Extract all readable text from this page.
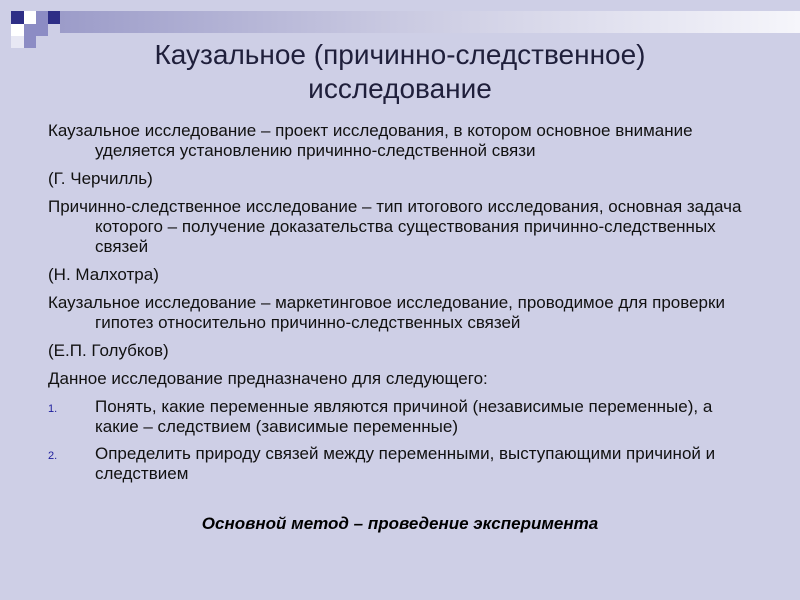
Каузальное (причинно-следственное)
исследование

Каузальное исследование – проект исследования, в котором основное внимание уделяется установлению причинно-следственной связи

(Г. Черчилль)

Причинно-следственное исследование – тип итогового исследования, основная задача которого – получение доказательства существования причинно-следственных связей

(Н. Малхотра)

Каузальное исследование – маркетинговое исследование, проводимое для проверки гипотез относительно причинно-следственных связей

(Е.П. Голубков)

Данное исследование предназначено для следующего:

1. Понять, какие переменные являются причиной (независимые переменные), а какие – следствием (зависимые переменные)
2. Определить природу связей между переменными, выступающими причиной и следствием
Основной метод – проведение эксперимента
